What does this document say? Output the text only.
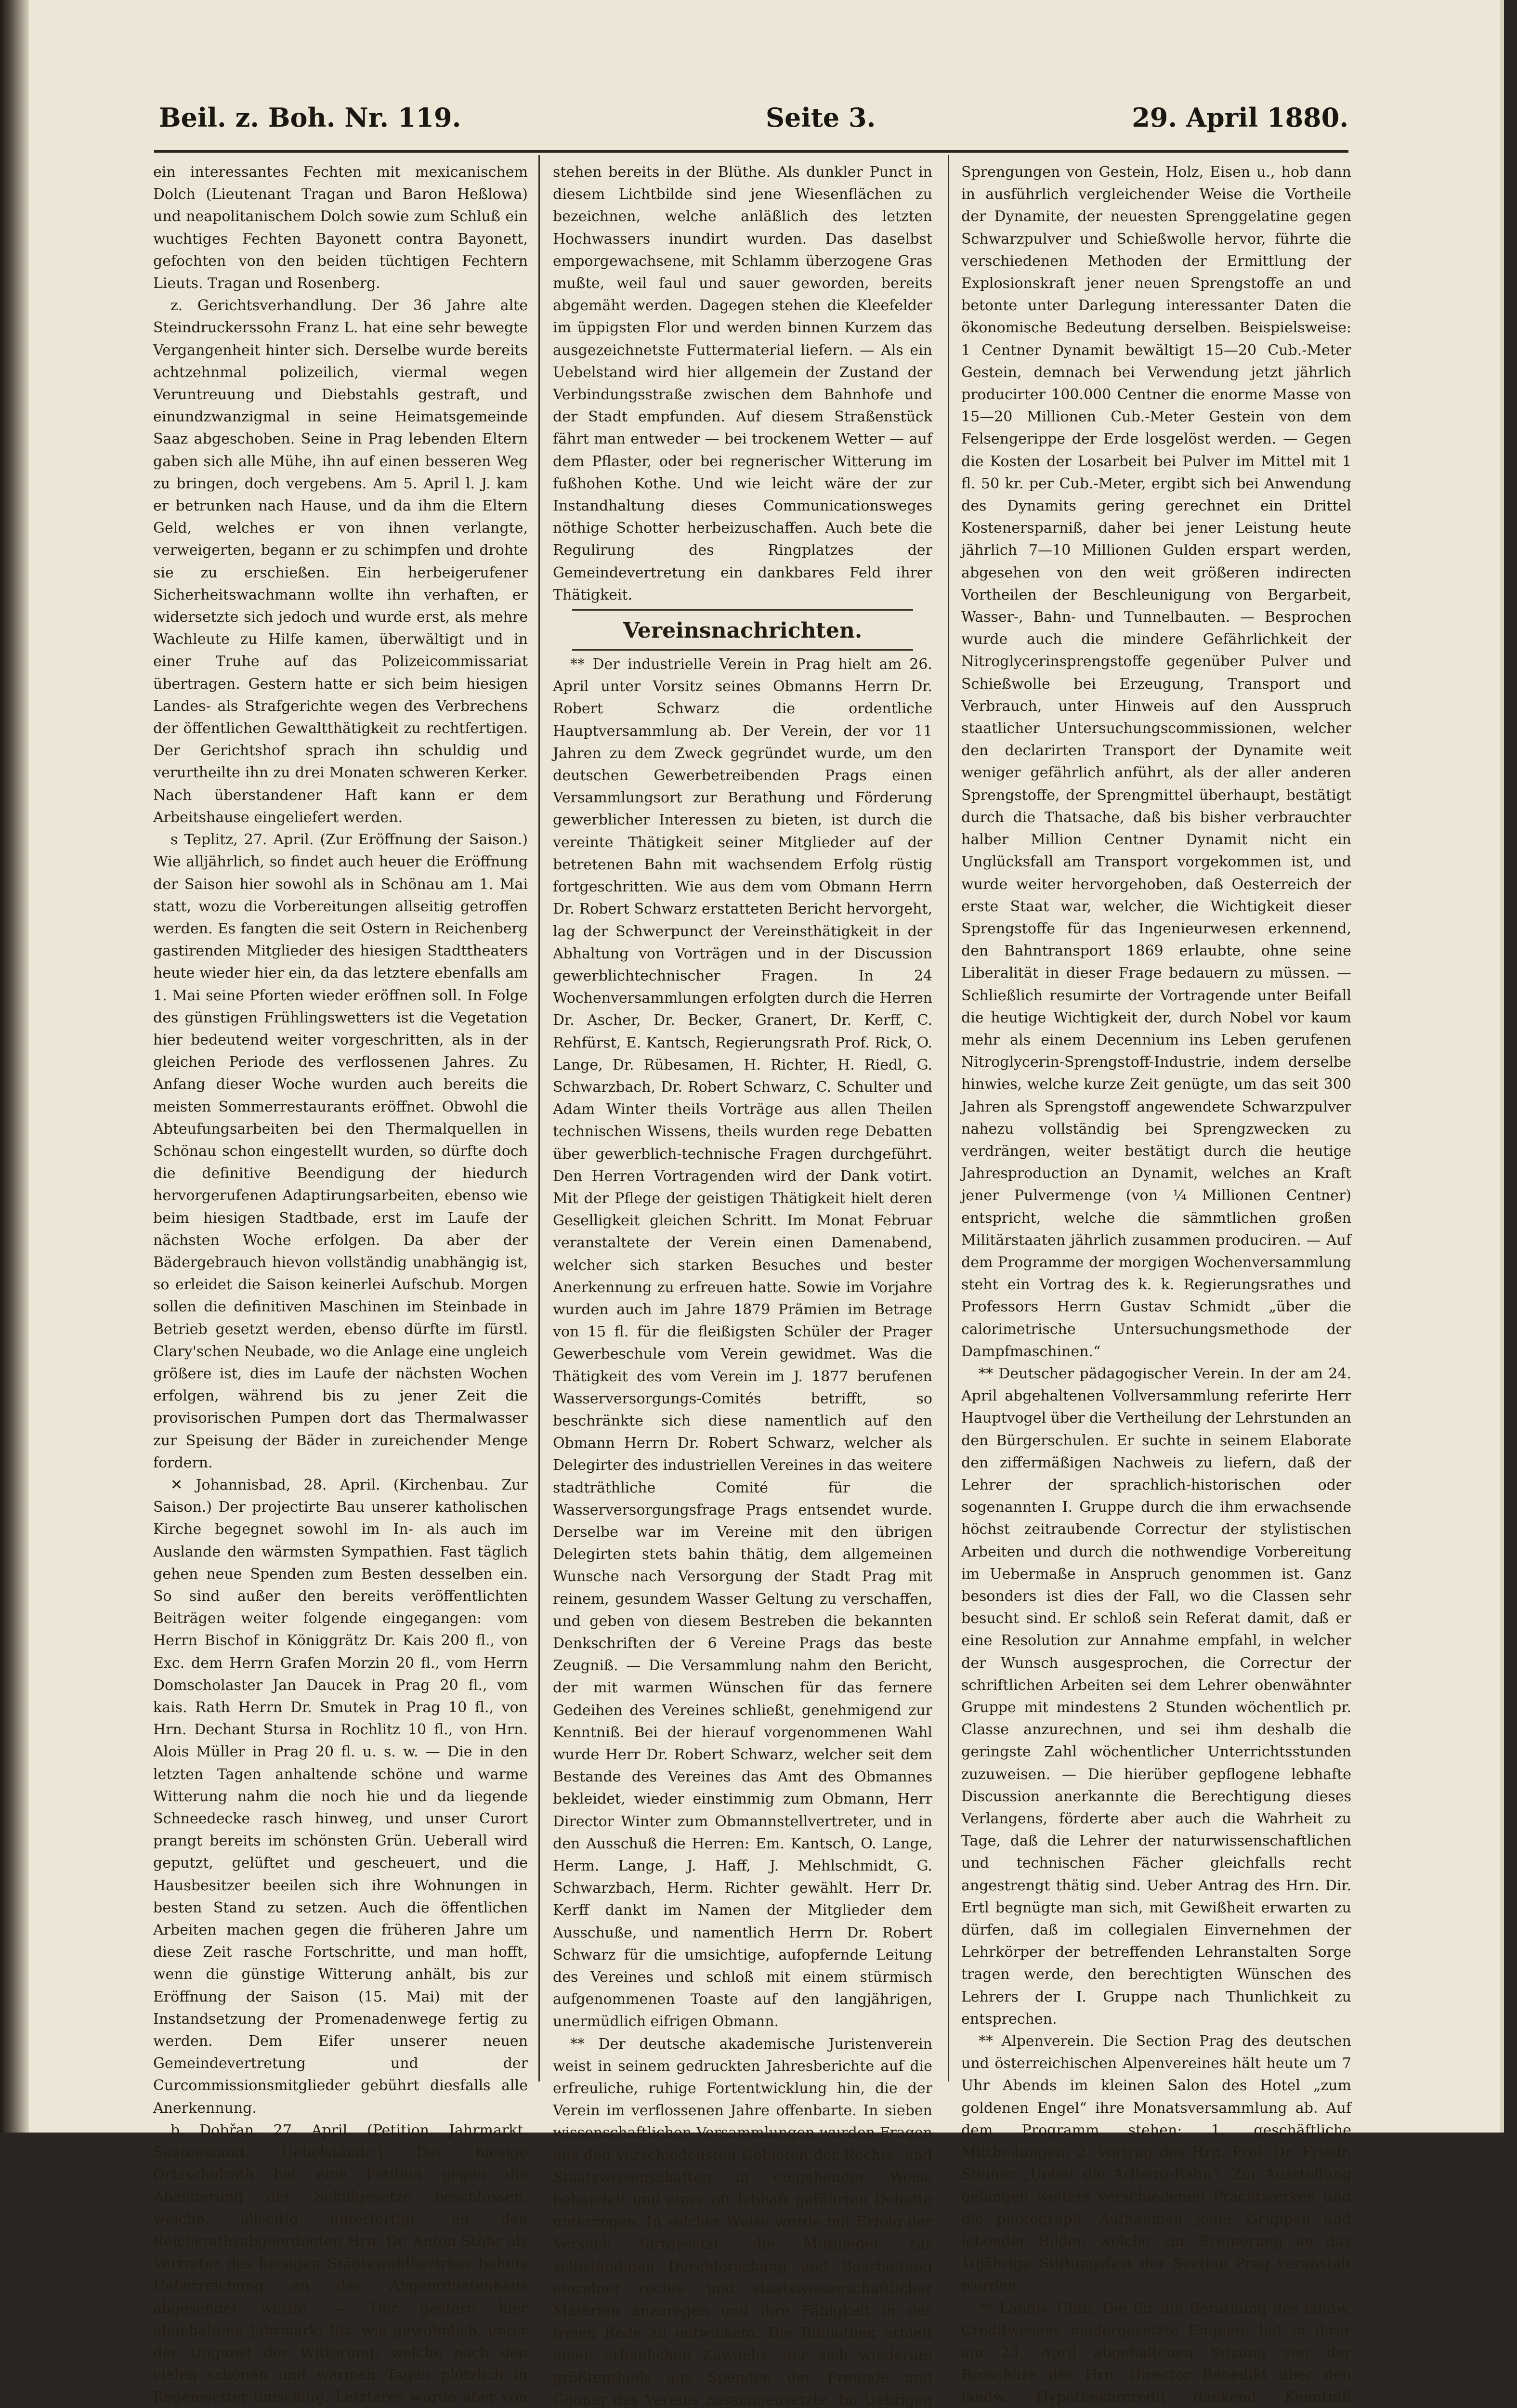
Beil. z. Boh. Nr. 119.	Seite 3.	29. April 1880.

ein interessantes Fechten mit mexicanischem Dolch (Lieutenant Tragan und Baron Heßlowa) und neapolitanischem Dolch sowie zum Schluß ein wuchtiges Fechten Bayonett contra Bayonett, gefochten von den beiden tüchtigen Fechtern Lieuts. Tragan und Rosenberg.

z. Gerichtsverhandlung. Der 36 Jahre alte Steindruckerssohn Franz L. hat eine sehr bewegte Vergangenheit hinter sich. Derselbe wurde bereits achtzehnmal polizeilich, viermal wegen Veruntreuung und Diebstahls gestraft, und einundzwanzigmal in seine Heimatsgemeinde Saaz abgeschoben. Seine in Prag lebenden Eltern gaben sich alle Mühe, ihn auf einen besseren Weg zu bringen, doch vergebens. Am 5. April l. J. kam er betrunken nach Hause, und da ihm die Eltern Geld, welches er von ihnen verlangte, verweigerten, begann er zu schimpfen und drohte sie zu erschießen. Ein herbeigerufener Sicherheitswachmann wollte ihn verhaften, er widersetzte sich jedoch und wurde erst, als mehre Wachleute zu Hilfe kamen, überwältigt und in einer Truhe auf das Polizeicommissariat übertragen. Gestern hatte er sich beim hiesigen Landes- als Strafgerichte wegen des Verbrechens der öffentlichen Gewaltthätigkeit zu rechtfertigen. Der Gerichtshof sprach ihn schuldig und verurtheilte ihn zu drei Monaten schweren Kerker. Nach überstandener Haft kann er dem Arbeitshause eingeliefert werden.

s Teplitz, 27. April. (Zur Eröffnung der Saison.) Wie alljährlich, so findet auch heuer die Eröffnung der Saison hier sowohl als in Schönau am 1. Mai statt, wozu die Vorbereitungen allseitig getroffen werden. Es fangten die seit Ostern in Reichenberg gastirenden Mitglieder des hiesigen Stadttheaters heute wieder hier ein, da das letztere ebenfalls am 1. Mai seine Pforten wieder eröffnen soll. In Folge des günstigen Frühlingswetters ist die Vegetation hier bedeutend weiter vorgeschritten, als in der gleichen Periode des verflossenen Jahres. Zu Anfang dieser Woche wurden auch bereits die meisten Sommerrestaurants eröffnet. Obwohl die Abteufungsarbeiten bei den Thermalquellen in Schönau schon eingestellt wurden, so dürfte doch die definitive Beendigung der hiedurch hervorgerufenen Adaptirungsarbeiten, ebenso wie beim hiesigen Stadtbade, erst im Laufe der nächsten Woche erfolgen. Da aber der Bädergebrauch hievon vollständig unabhängig ist, so erleidet die Saison keinerlei Aufschub. Morgen sollen die definitiven Maschinen im Steinbade in Betrieb gesetzt werden, ebenso dürfte im fürstl. Clary'schen Neubade, wo die Anlage eine ungleich größere ist, dies im Laufe der nächsten Wochen erfolgen, während bis zu jener Zeit die provisorischen Pumpen dort das Thermalwasser zur Speisung der Bäder in zureichender Menge fordern.

✕ Johannisbad, 28. April. (Kirchenbau. Zur Saison.) Der projectirte Bau unserer katholischen Kirche begegnet sowohl im In- als auch im Auslande den wärmsten Sympathien. Fast täglich gehen neue Spenden zum Besten desselben ein. So sind außer den bereits veröffentlichten Beiträgen weiter folgende eingegangen: vom Herrn Bischof in Königgrätz Dr. Kais 200 fl., von Exc. dem Herrn Grafen Morzin 20 fl., vom Herrn Domscholaster Jan Daucek in Prag 20 fl., vom kais. Rath Herrn Dr. Smutek in Prag 10 fl., von Hrn. Dechant Stursa in Rochlitz 10 fl., von Hrn. Alois Müller in Prag 20 fl. u. s. w. — Die in den letzten Tagen anhaltende schöne und warme Witterung nahm die noch hie und da liegende Schneedecke rasch hinweg, und unser Curort prangt bereits im schönsten Grün. Ueberall wird geputzt, gelüftet und gescheuert, und die Hausbesitzer beeilen sich ihre Wohnungen in besten Stand zu setzen. Auch die öffentlichen Arbeiten machen gegen die früheren Jahre um diese Zeit rasche Fortschritte, und man hofft, wenn die günstige Witterung anhält, bis zur Eröffnung der Saison (15. Mai) mit der Instandsetzung der Promenadenwege fertig zu werden. Dem Eifer unserer neuen Gemeindevertretung und der Curcommissionsmitglieder gebührt diesfalls alle Anerkennung.

b. Dobřan, 27. April. (Petition. Jahrmarkt. Saatenstand. Uebelstände.) Der hiesige Ortsschulrath hat eine Petition gegen die Abänderung der Schulgesetze beschlossen, welche, allseitig unterfertigt, an den Reichsrathsabgeordneten Hrn. Dr. Anton Stöhr als Vertreter des hiesigen Städtewahlbezirkes behufs Ueberreichung an das Abgeordnetenhaus abgesendet wurde. — Der gestern hier abgehaltene Jahrmarkt litt, wie gewöhnlich, unter der Ungunst der Witterung, welche nach den vielen schönen und warmen Tagen plötzlich in Regenwetter umschlug. Letzteres wurde aber von

stehen bereits in der Blüthe. Als dunkler Punct in diesem Lichtbilde sind jene Wiesenflächen zu bezeichnen, welche anläßlich des letzten Hochwassers inundirt wurden. Das daselbst emporgewachsene, mit Schlamm überzogene Gras mußte, weil faul und sauer geworden, bereits abgemäht werden. Dagegen stehen die Kleefelder im üppigsten Flor und werden binnen Kurzem das ausgezeichnetste Futtermaterial liefern. — Als ein Uebelstand wird hier allgemein der Zustand der Verbindungsstraße zwischen dem Bahnhofe und der Stadt empfunden. Auf diesem Straßenstück fährt man entweder — bei trockenem Wetter — auf dem Pflaster, oder bei regnerischer Witterung im fußhohen Kothe. Und wie leicht wäre der zur Instandhaltung dieses Communicationsweges nöthige Schotter herbeizuschaffen. Auch bete die Regulirung des Ringplatzes der Gemeindevertretung ein dankbares Feld ihrer Thätigkeit.

Vereinsnachrichten.

** Der industrielle Verein in Prag hielt am 26. April unter Vorsitz seines Obmanns Herrn Dr. Robert Schwarz die ordentliche Hauptversammlung ab. Der Verein, der vor 11 Jahren zu dem Zweck gegründet wurde, um den deutschen Gewerbetreibenden Prags einen Versammlungsort zur Berathung und Förderung gewerblicher Interessen zu bieten, ist durch die vereinte Thätigkeit seiner Mitglieder auf der betretenen Bahn mit wachsendem Erfolg rüstig fortgeschritten. Wie aus dem vom Obmann Herrn Dr. Robert Schwarz erstatteten Bericht hervorgeht, lag der Schwerpunct der Vereinsthätigkeit in der Abhaltung von Vorträgen und in der Discussion gewerblichtechnischer Fragen. In 24 Wochenversammlungen erfolgten durch die Herren Dr. Ascher, Dr. Becker, Granert, Dr. Kerff, C. Rehfürst, E. Kantsch, Regierungsrath Prof. Rick, O. Lange, Dr. Rübesamen, H. Richter, H. Riedl, G. Schwarzbach, Dr. Robert Schwarz, C. Schulter und Adam Winter theils Vorträge aus allen Theilen technischen Wissens, theils wurden rege Debatten über gewerblich-technische Fragen durchgeführt. Den Herren Vortragenden wird der Dank votirt. Mit der Pflege der geistigen Thätigkeit hielt deren Geselligkeit gleichen Schritt. Im Monat Februar veranstaltete der Verein einen Damenabend, welcher sich starken Besuches und bester Anerkennung zu erfreuen hatte. Sowie im Vorjahre wurden auch im Jahre 1879 Prämien im Betrage von 15 fl. für die fleißigsten Schüler der Prager Gewerbeschule vom Verein gewidmet. Was die Thätigkeit des vom Verein im J. 1877 berufenen Wasserversorgungs-Comités betrifft, so beschränkte sich diese namentlich auf den Obmann Herrn Dr. Robert Schwarz, welcher als Delegirter des industriellen Vereines in das weitere stadträthliche Comité für die Wasserversorgungsfrage Prags entsendet wurde. Derselbe war im Vereine mit den übrigen Delegirten stets bahin thätig, dem allgemeinen Wunsche nach Versorgung der Stadt Prag mit reinem, gesundem Wasser Geltung zu verschaffen, und geben von diesem Bestreben die bekannten Denkschriften der 6 Vereine Prags das beste Zeugniß. — Die Versammlung nahm den Bericht, der mit warmen Wünschen für das fernere Gedeihen des Vereines schließt, genehmigend zur Kenntniß. Bei der hierauf vorgenommenen Wahl wurde Herr Dr. Robert Schwarz, welcher seit dem Bestande des Vereines das Amt des Obmannes bekleidet, wieder einstimmig zum Obmann, Herr Director Winter zum Obmannstellvertreter, und in den Ausschuß die Herren: Em. Kantsch, O. Lange, Herm. Lange, J. Haff, J. Mehlschmidt, G. Schwarzbach, Herm. Richter gewählt. Herr Dr. Kerff dankt im Namen der Mitglieder dem Ausschuße, und namentlich Herrn Dr. Robert Schwarz für die umsichtige, aufopfernde Leitung des Vereines und schloß mit einem stürmisch aufgenommenen Toaste auf den langjährigen, unermüdlich eifrigen Obmann.

** Der deutsche akademische Juristenverein weist in seinem gedruckten Jahresberichte auf die erfreuliche, ruhige Fortentwicklung hin, die der Verein im verflossenen Jahre offenbarte. In sieben wissenschaftlichen Versammlungen wurden Fragen aus den verschiedensten Gebieten der Rechts- und Staatswissenschaften in eingehender Weise behandelt und einer oft lebhaft geführten Debatte unterzogen. In solcher Weise wurde mit Erfolg der Versuch fortgesetzt, die Mitglieder zur selbständigen Durchforschung und Bearbeitung einzelner rechts- und staatswissenschaftlicher Materien anzuregen und ihre Fähigkeit in der freien Rede zu entwickeln. Die Bibliothek erhielt einen erheblichen Zuwachs, der sich wiederum größtentheils aus Spenden der Freunde und Gönner des Vereins zusammensetzte. Im Uebrigen

Sprengungen von Gestein, Holz, Eisen u., hob dann in ausführlich vergleichender Weise die Vortheile der Dynamite, der neuesten Sprenggelatine gegen Schwarzpulver und Schießwolle hervor, führte die verschiedenen Methoden der Ermittlung der Explosionskraft jener neuen Sprengstoffe an und betonte unter Darlegung interessanter Daten die ökonomische Bedeutung derselben. Beispielsweise: 1 Centner Dynamit bewältigt 15—20 Cub.-Meter Gestein, demnach bei Verwendung jetzt jährlich producirter 100.000 Centner die enorme Masse von 15—20 Millionen Cub.-Meter Gestein von dem Felsengerippe der Erde losgelöst werden. — Gegen die Kosten der Losarbeit bei Pulver im Mittel mit 1 fl. 50 kr. per Cub.-Meter, ergibt sich bei Anwendung des Dynamits gering gerechnet ein Drittel Kostenersparniß, daher bei jener Leistung heute jährlich 7—10 Millionen Gulden erspart werden, abgesehen von den weit größeren indirecten Vortheilen der Beschleunigung von Bergarbeit, Wasser-, Bahn- und Tunnelbauten. — Besprochen wurde auch die mindere Gefährlichkeit der Nitroglycerinsprengstoffe gegenüber Pulver und Schießwolle bei Erzeugung, Transport und Verbrauch, unter Hinweis auf den Ausspruch staatlicher Untersuchungscommissionen, welcher den declarirten Transport der Dynamite weit weniger gefährlich anführt, als der aller anderen Sprengstoffe, der Sprengmittel überhaupt, bestätigt durch die Thatsache, daß bis bisher verbrauchter halber Million Centner Dynamit nicht ein Unglücksfall am Transport vorgekommen ist, und wurde weiter hervorgehoben, daß Oesterreich der erste Staat war, welcher, die Wichtigkeit dieser Sprengstoffe für das Ingenieurwesen erkennend, den Bahntransport 1869 erlaubte, ohne seine Liberalität in dieser Frage bedauern zu müssen. — Schließlich resumirte der Vortragende unter Beifall die heutige Wichtigkeit der, durch Nobel vor kaum mehr als einem Decennium ins Leben gerufenen Nitroglycerin-Sprengstoff-Industrie, indem derselbe hinwies, welche kurze Zeit genügte, um das seit 300 Jahren als Sprengstoff angewendete Schwarzpulver nahezu vollständig bei Sprengzwecken zu verdrängen, weiter bestätigt durch die heutige Jahresproduction an Dynamit, welches an Kraft jener Pulvermenge (von ¼ Millionen Centner) entspricht, welche die sämmtlichen großen Militärstaaten jährlich zusammen produciren. — Auf dem Programme der morgigen Wochenversammlung steht ein Vortrag des k. k. Regierungsrathes und Professors Herrn Gustav Schmidt „über die calorimetrische Untersuchungsmethode der Dampfmaschinen.“

** Deutscher pädagogischer Verein. In der am 24. April abgehaltenen Vollversammlung referirte Herr Hauptvogel über die Vertheilung der Lehrstunden an den Bürgerschulen. Er suchte in seinem Elaborate den ziffermäßigen Nachweis zu liefern, daß der Lehrer der sprachlich-historischen oder sogenannten I. Gruppe durch die ihm erwachsende höchst zeitraubende Correctur der stylistischen Arbeiten und durch die nothwendige Vorbereitung im Uebermaße in Anspruch genommen ist. Ganz besonders ist dies der Fall, wo die Classen sehr besucht sind. Er schloß sein Referat damit, daß er eine Resolution zur Annahme empfahl, in welcher der Wunsch ausgesprochen, die Correctur der schriftlichen Arbeiten sei dem Lehrer obenwähnter Gruppe mit mindestens 2 Stunden wöchentlich pr. Classe anzurechnen, und sei ihm deshalb die geringste Zahl wöchentlicher Unterrichtsstunden zuzuweisen. — Die hierüber gepflogene lebhafte Discussion anerkannte die Berechtigung dieses Verlangens, förderte aber auch die Wahrheit zu Tage, daß die Lehrer der naturwissenschaftlichen und technischen Fächer gleichfalls recht angestrengt thätig sind. Ueber Antrag des Hrn. Dir. Ertl begnügte man sich, mit Gewißheit erwarten zu dürfen, daß im collegialen Einvernehmen der Lehrkörper der betreffenden Lehranstalten Sorge tragen werde, den berechtigten Wünschen des Lehrers der I. Gruppe nach Thunlichkeit zu entsprechen.

** Alpenverein. Die Section Prag des deutschen und österreichischen Alpenvereines hält heute um 7 Uhr Abends im kleinen Salon des Hotel „zum goldenen Engel“ ihre Monatsversammlung ab. Auf dem Programm stehen: 1. geschäftliche Mittheilungen; 2. Vortrag des Hrn. Prof. Dr. Friedr. Steiner „Ueber die Arlberg-Bahn“. Zur Ausstellung gelangen weiters verschiedenen Prachtwerken und die photograph. Aufnahmen jener Gruppen und lebender Bilder, welche zur Erinnerung an das 10jährige Stiftungsfest der Section Prag veranstalt wurden.

** Landw. Club. Die für die Berathung des landw. Creditwesens niedergesetzte Enquete hat in ihrer am 23. April abgehaltenen Sitzung von der Broschüre des Hrn. Director Benedikt über den landw. Hypothekarcredit dankend Kenntniß
